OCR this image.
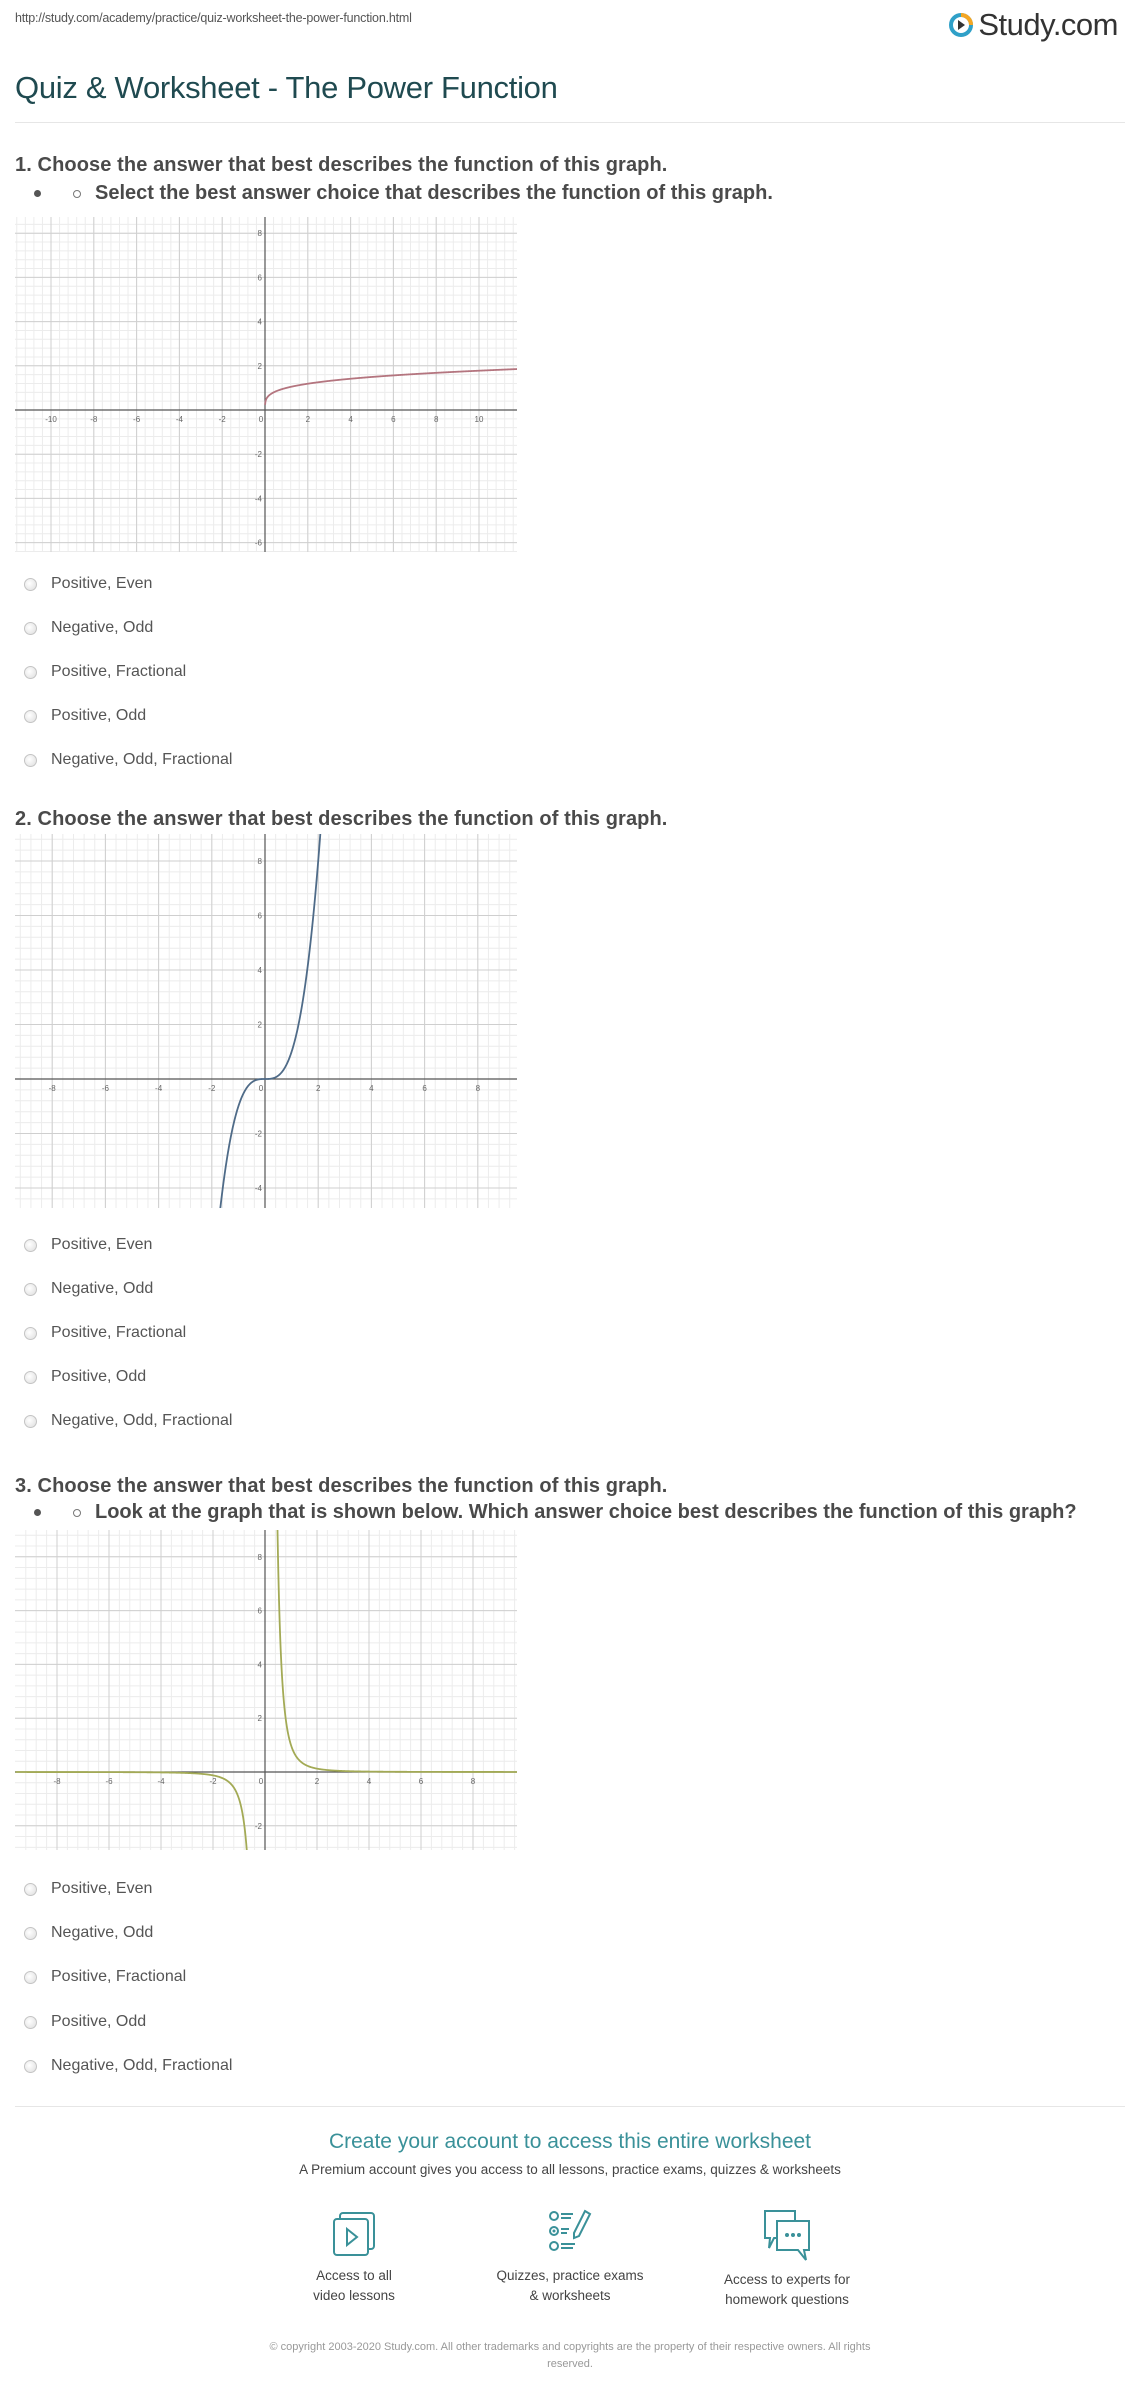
http://study.com/academy/practice/quiz-worksheet-the-power-function.html	Study.com
Quiz & Worksheet - The Power Function
1. Choose the answer that best describes the function of this graph.
Select the best answer choice that describes the function of this graph.
-10	-8	-6	-4	-2	0	2	4	6	8	10
-6
-4
-2
2
4
6
8
Positive, Even
Negative, Odd
Positive, Fractional
Positive, Odd
Negative, Odd, Fractional
2. Choose the answer that best describes the function of this graph.
-8	-6	-4	-2	0	2	4	6	8
-4
-2
2
4
6
8
Positive, Even
Negative, Odd
Positive, Fractional
Positive, Odd
Negative, Odd, Fractional
3. Choose the answer that best describes the function of this graph.
Look at the graph that is shown below. Which answer choice best describes the function of this graph?
-8	-6	-4	-2	0	2	4	6	8
-2
2
4
6
8
Positive, Even
Negative, Odd
Positive, Fractional
Positive, Odd
Negative, Odd, Fractional
Create your account to access this entire worksheet
A Premium account gives you access to all lessons, practice exams, quizzes & worksheets
Access to all
video lessons
Quizzes, practice exams
& worksheets
Access to experts for
homework questions
© copyright 2003-2020 Study.com. All other trademarks and copyrights are the property of their respective owners. All rights
reserved.
